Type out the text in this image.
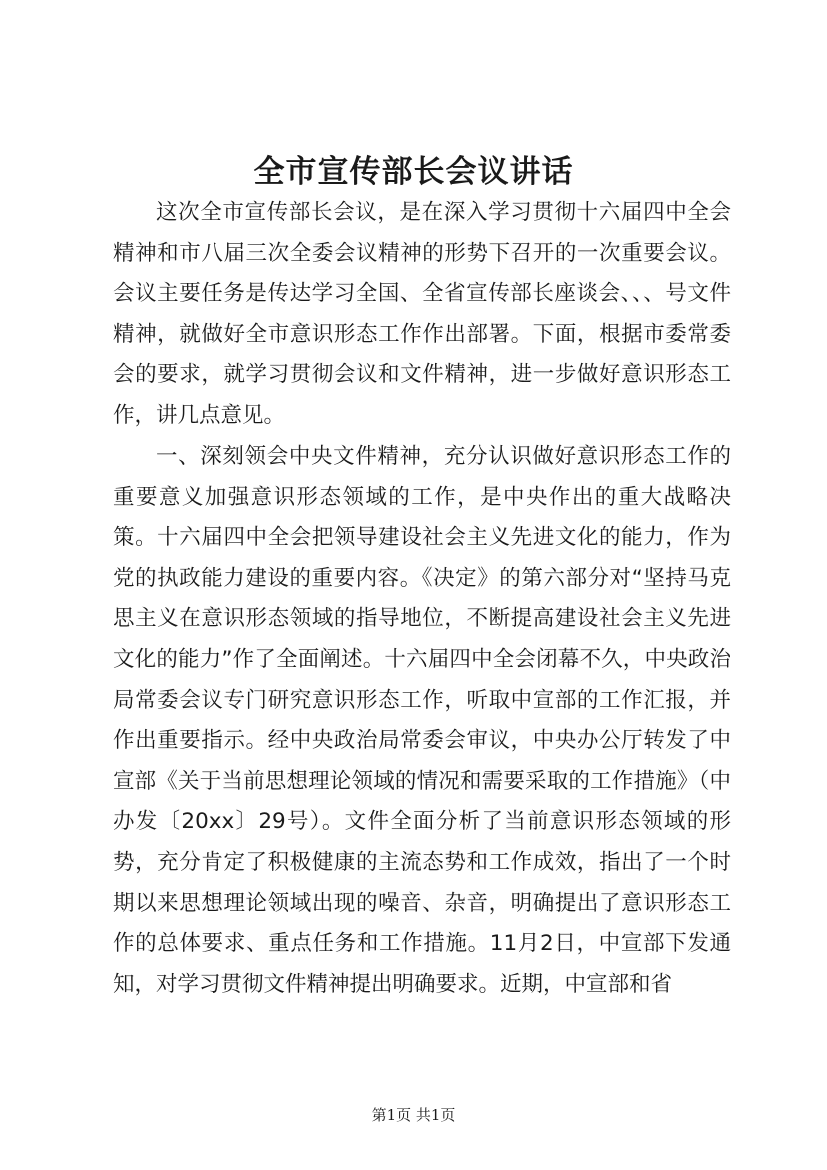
全市宣传部长会议讲话

这次全市宣传部长会议，是在深入学习贯彻十六届四中全会精神和市八届三次全委会议精神的形势下召开的一次重要会议。会议主要任务是传达学习全国、全省宣传部长座谈会、、、号文件精神，就做好全市意识形态工作作出部署。下面，根据市委常委会的要求，就学习贯彻会议和文件精神，进一步做好意识形态工作，讲几点意见。

一、深刻领会中央文件精神，充分认识做好意识形态工作的重要意义加强意识形态领域的工作，是中央作出的重大战略决策。十六届四中全会把领导建设社会主义先进文化的能力，作为党的执政能力建设的重要内容。《决定》的第六部分对“坚持马克思主义在意识形态领域的指导地位，不断提高建设社会主义先进文化的能力”作了全面阐述。十六届四中全会闭幕不久，中央政治局常委会议专门研究意识形态工作，听取中宣部的工作汇报，并作出重要指示。经中央政治局常委会审议，中央办公厅转发了中宣部《关于当前思想理论领域的情况和需要采取的工作措施》（中办发〔20xx〕29号）。文件全面分析了当前意识形态领域的形势，充分肯定了积极健康的主流态势和工作成效，指出了一个时期以来思想理论领域出现的噪音、杂音，明确提出了意识形态工作的总体要求、重点任务和工作措施。11月2日，中宣部下发通知，对学习贯彻文件精神提出明确要求。近期，中宣部和省

第1页 共1页
